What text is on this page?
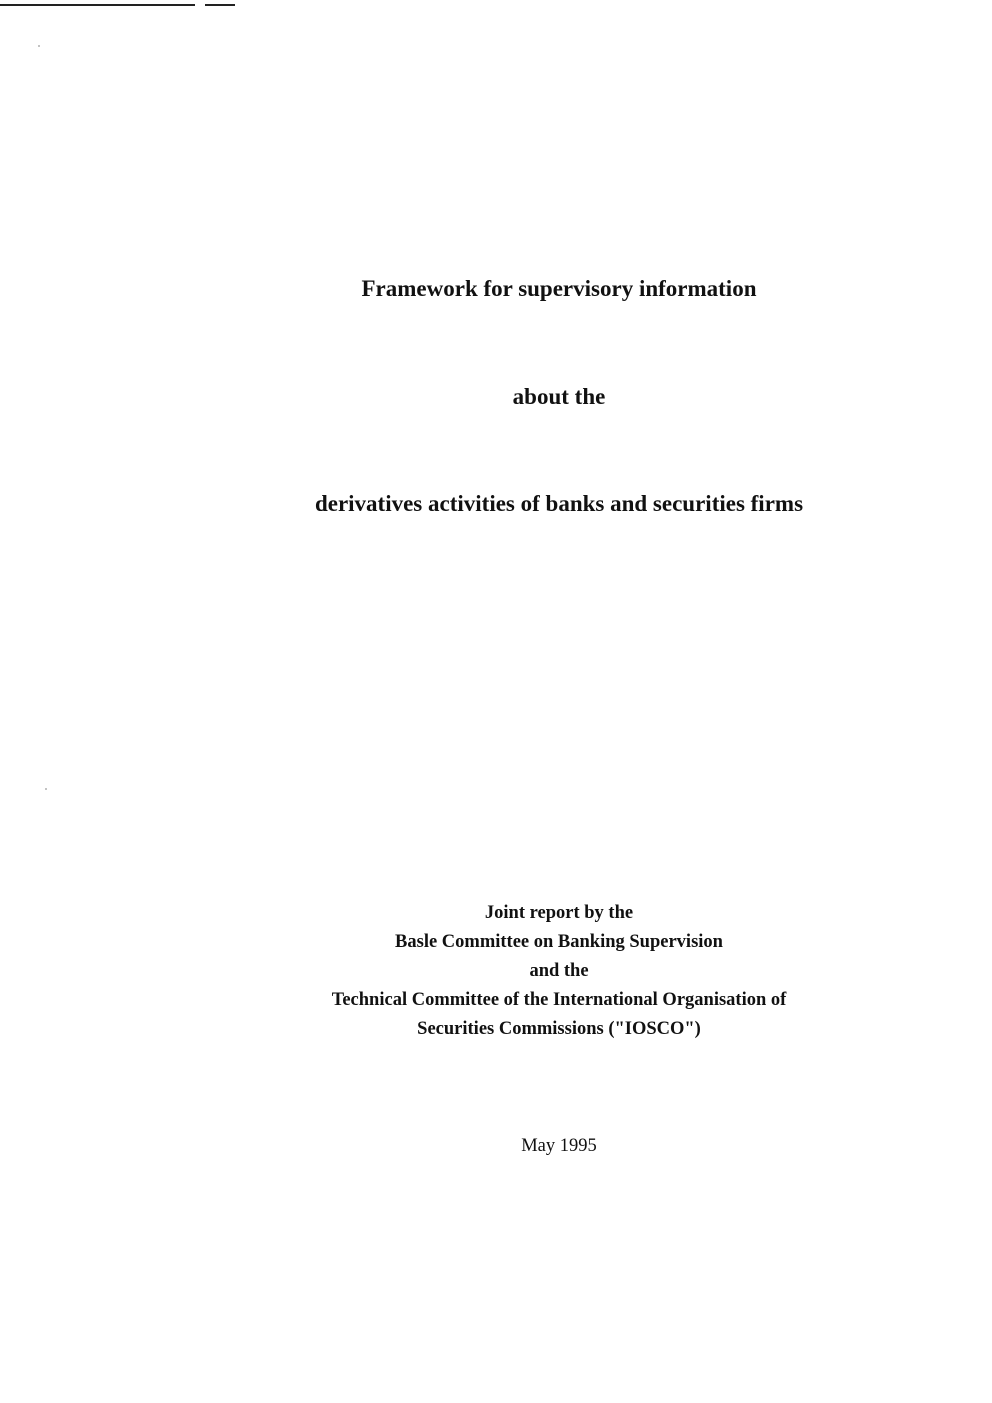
Framework for supervisory information
about the
derivatives activities of banks and securities firms
Joint report by the
Basle Committee on Banking Supervision
and the
Technical Committee of the International Organisation of
Securities Commissions ("IOSCO")
May 1995
